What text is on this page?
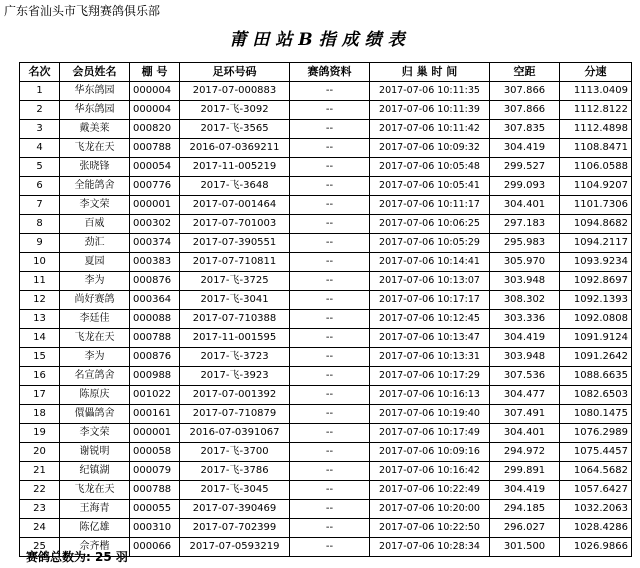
广东省汕头市飞翔赛鸽俱乐部
莆田站B指成绩表
名次	会员姓名	棚 号	足环号码	赛鸽资料	归 巢 时 间	空距	分速
1	华东鸽园	000004	2017-07-000883	--	2017-07-06 10:11:35	307.866	1113.0409
2	华东鸽园	000004	2017-飞-3092	--	2017-07-06 10:11:39	307.866	1112.8122
3	戴美莱	000820	2017-飞-3565	--	2017-07-06 10:11:42	307.835	1112.4898
4	飞龙在天	000788	2016-07-0369211	--	2017-07-06 10:09:32	304.419	1108.8471
5	张晓锋	000054	2017-11-005219	--	2017-07-06 10:05:48	299.527	1106.0588
6	全能鸽舍	000776	2017-飞-3648	--	2017-07-06 10:05:41	299.093	1104.9207
7	李文荣	000001	2017-07-001464	--	2017-07-06 10:11:17	304.401	1101.7306
8	百威	000302	2017-07-701003	--	2017-07-06 10:06:25	297.183	1094.8682
9	劲汇	000374	2017-07-390551	--	2017-07-06 10:05:29	295.983	1094.2117
10	夏园	000383	2017-07-710811	--	2017-07-06 10:14:41	305.970	1093.9234
11	李为	000876	2017-飞-3725	--	2017-07-06 10:13:07	303.948	1092.8697
12	尚好赛鸽	000364	2017-飞-3041	--	2017-07-06 10:17:17	308.302	1092.1393
13	李廷佳	000088	2017-07-710388	--	2017-07-06 10:12:45	303.336	1092.0808
14	飞龙在天	000788	2017-11-001595	--	2017-07-06 10:13:47	304.419	1091.9124
15	李为	000876	2017-飞-3723	--	2017-07-06 10:13:31	303.948	1091.2642
16	名宣鸽舍	000988	2017-飞-3923	--	2017-07-06 10:17:29	307.536	1088.6635
17	陈原庆	001022	2017-07-001392	--	2017-07-06 10:16:13	304.477	1082.6503
18	儇儡鸽舍	000161	2017-07-710879	--	2017-07-06 10:19:40	307.491	1080.1475
19	李文荣	000001	2016-07-0391067	--	2017-07-06 10:17:49	304.401	1076.2989
20	谢锐明	000058	2017-飞-3700	--	2017-07-06 10:09:16	294.972	1075.4457
21	纪镇湖	000079	2017-飞-3786	--	2017-07-06 10:16:42	299.891	1064.5682
22	飞龙在天	000788	2017-飞-3045	--	2017-07-06 10:22:49	304.419	1057.6427
23	王海青	000055	2017-07-390469	--	2017-07-06 10:20:00	294.185	1032.2063
24	陈亿雄	000310	2017-07-702399	--	2017-07-06 10:22:50	296.027	1028.4286
25	佘齐楷	000066	2017-07-0593219	--	2017-07-06 10:28:34	301.500	1026.9866
赛鸽总数为: 25 羽
